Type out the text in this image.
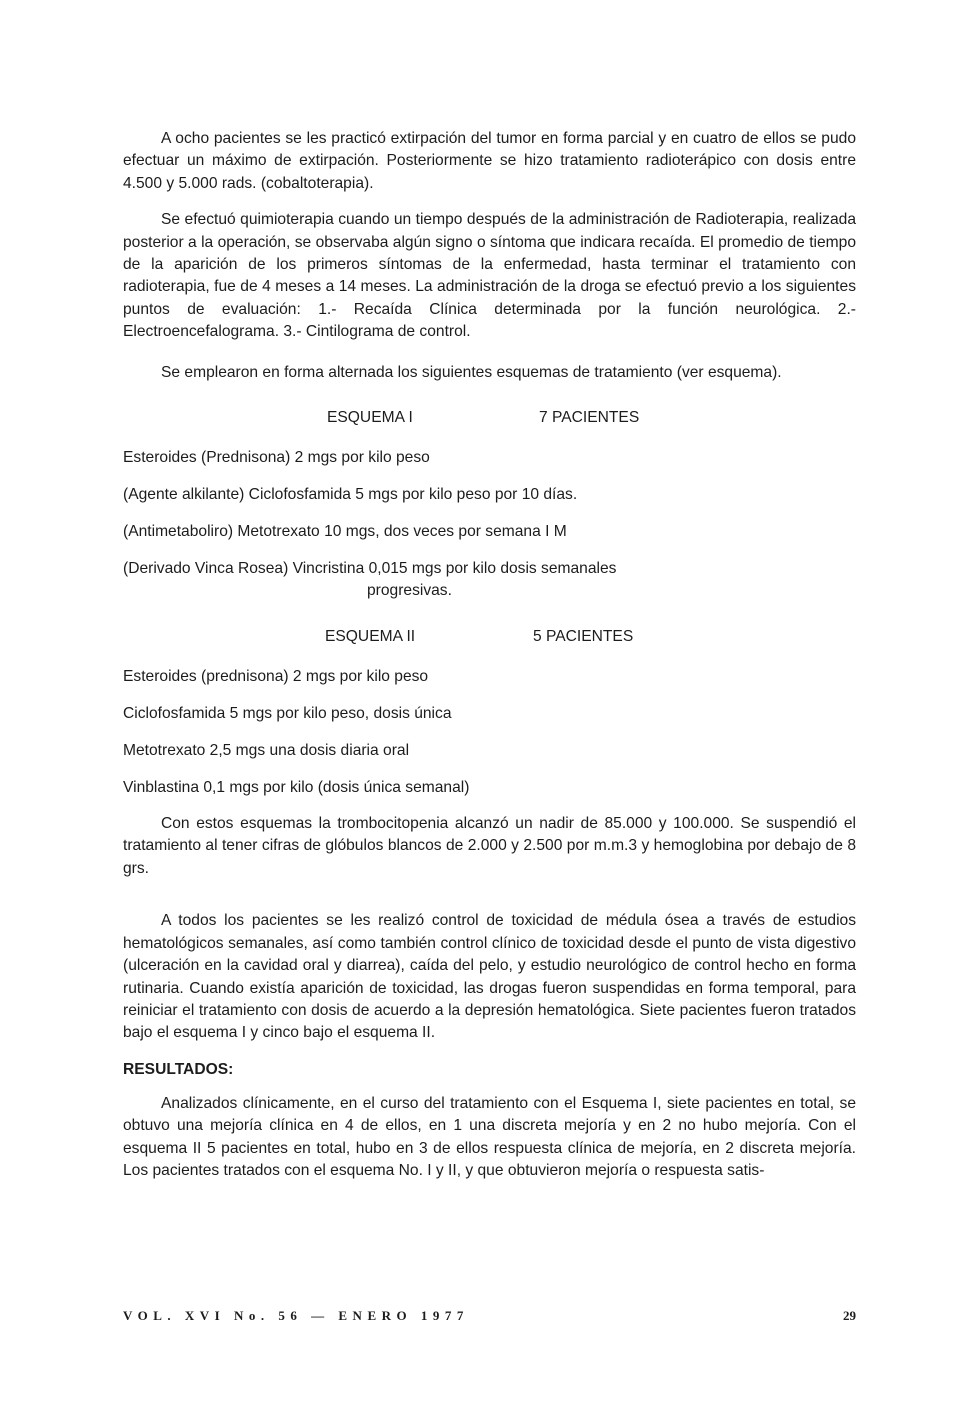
A ocho pacientes se les practicó extirpación del tumor en forma parcial y en cuatro de ellos se pudo efectuar un máximo de extirpación. Posteriormente se hizo tratamiento radioterápico con dosis entre 4.500 y 5.000 rads. (cobaltoterapia).

Se efectuó quimioterapia cuando un tiempo después de la administración de Radioterapia, realizada posterior a la operación, se observaba algún signo o síntoma que indicara recaída. El promedio de tiempo de la aparición de los primeros síntomas de la enfermedad, hasta terminar el tratamiento con radioterapia, fue de 4 meses a 14 meses. La administración de la droga se efectuó previo a los siguientes puntos de evaluación: 1.- Recaída Clínica determinada por la función neurológica. 2.- Electroencefalograma. 3.- Cintilograma de control.

Se emplearon en forma alternada los siguientes esquemas de tratamiento (ver esquema).

ESQUEMA I	7 PACIENTES

Esteroides (Prednisona) 2 mgs por kilo peso

(Agente alkilante) Ciclofosfamida 5 mgs por kilo peso por 10 días.

(Antimetaboliro) Metotrexato 10 mgs, dos veces por semana I M

(Derivado Vinca Rosea) Vincristina 0,015 mgs por kilo dosis semanales
progresivas.

ESQUEMA II	5 PACIENTES

Esteroides (prednisona) 2 mgs por kilo peso

Ciclofosfamida 5 mgs por kilo peso, dosis única

Metotrexato 2,5 mgs una dosis diaria oral

Vinblastina 0,1 mgs por kilo (dosis única semanal)

Con estos esquemas la trombocitopenia alcanzó un nadir de 85.000 y 100.000. Se suspendió el tratamiento al tener cifras de glóbulos blancos de 2.000 y 2.500 por m.m.3 y hemoglobina por debajo de 8 grs.

A todos los pacientes se les realizó control de toxicidad de médula ósea a través de estudios hematológicos semanales, así como también control clínico de toxicidad desde el punto de vista digestivo (ulceración en la cavidad oral y diarrea), caída del pelo, y estudio neurológico de control hecho en forma rutinaria. Cuando existía aparición de toxicidad, las drogas fueron suspendidas en forma temporal, para reiniciar el tratamiento con dosis de acuerdo a la depresión hematológica. Siete pacientes fueron tratados bajo el esquema I y cinco bajo el esquema II.

RESULTADOS:

Analizados clínicamente, en el curso del tratamiento con el Esquema I, siete pacientes en total, se obtuvo una mejoría clínica en 4 de ellos, en 1 una discreta mejoría y en 2 no hubo mejoría. Con el esquema II 5 pacientes en total, hubo en 3 de ellos respuesta clínica de mejoría, en 2 discreta mejoría. Los pacientes tratados con el esquema No. I y II, y que obtuvieron mejoría o respuesta satis-

VOL. XVI No. 56 — ENERO 1977	29
